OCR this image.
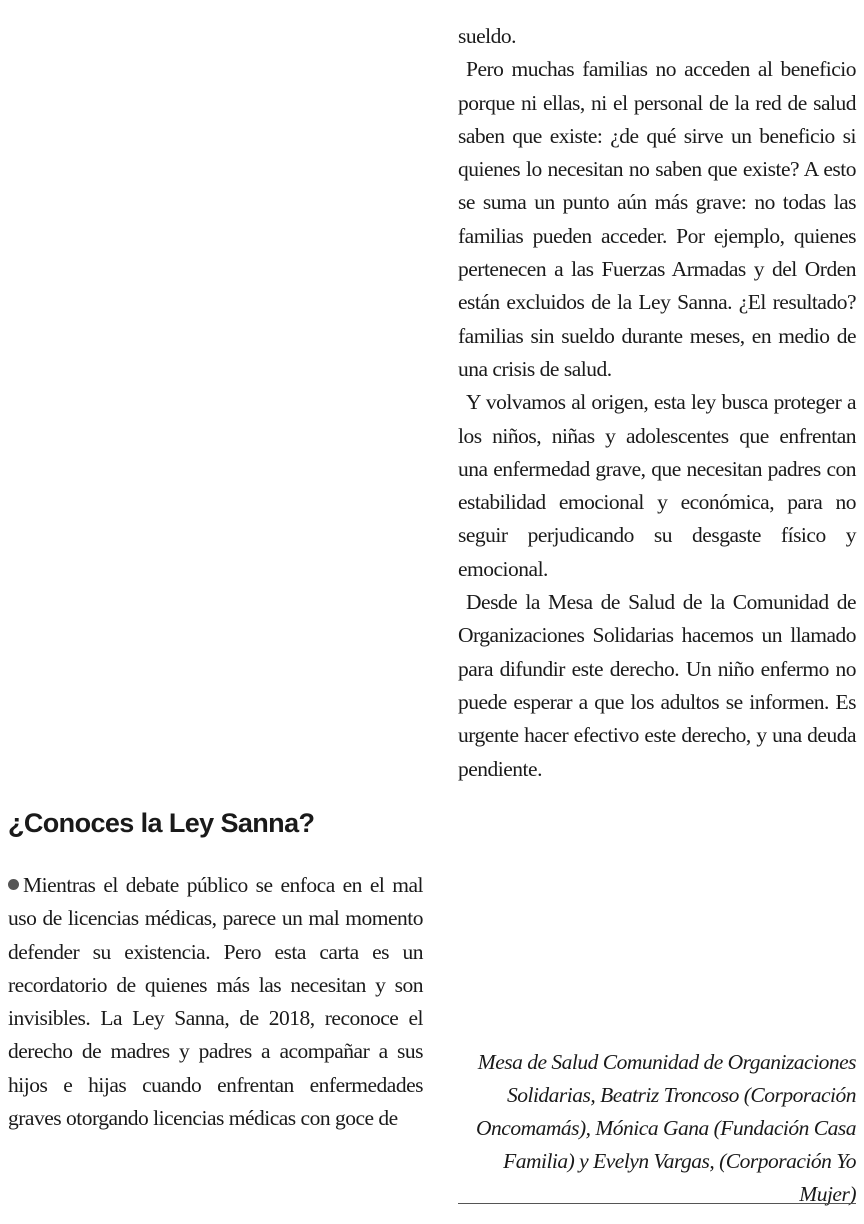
¿Conoces la Ley Sanna?

Mientras el debate público se enfoca en el mal uso de licencias médicas, parece un mal momento defender su existencia. Pero esta carta es un recordatorio de quienes más las necesitan y son invisibles. La Ley Sanna, de 2018, reconoce el derecho de madres y padres a acompañar a sus hijos e hijas cuando enfrentan enfermedades graves otorgando licencias médicas con goce de

sueldo.

Pero muchas familias no acceden al beneficio porque ni ellas, ni el personal de la red de salud saben que existe: ¿de qué sirve un beneficio si quienes lo necesitan no saben que existe? A esto se suma un punto aún más grave: no todas las familias pueden acceder. Por ejemplo, quienes pertenecen a las Fuerzas Armadas y del Orden están excluidos de la Ley Sanna. ¿El resultado? familias sin sueldo durante meses, en medio de una crisis de salud.

Y volvamos al origen, esta ley busca proteger a los niños, niñas y adolescentes que enfrentan una enfermedad grave, que necesitan padres con estabilidad emocional y económica, para no seguir perjudicando su desgaste físico y emocional.

Desde la Mesa de Salud de la Comunidad de Organizaciones Solidarias hacemos un llamado para difundir este derecho. Un niño enfermo no puede esperar a que los adultos se informen. Es urgente hacer efectivo este derecho, y una deuda pendiente.

Mesa de Salud Comunidad de Organizaciones Solidarias, Beatriz Troncoso (Corporación Oncomamás), Mónica Gana (Fundación Casa Familia) y Evelyn Vargas, (Corporación Yo Mujer)
